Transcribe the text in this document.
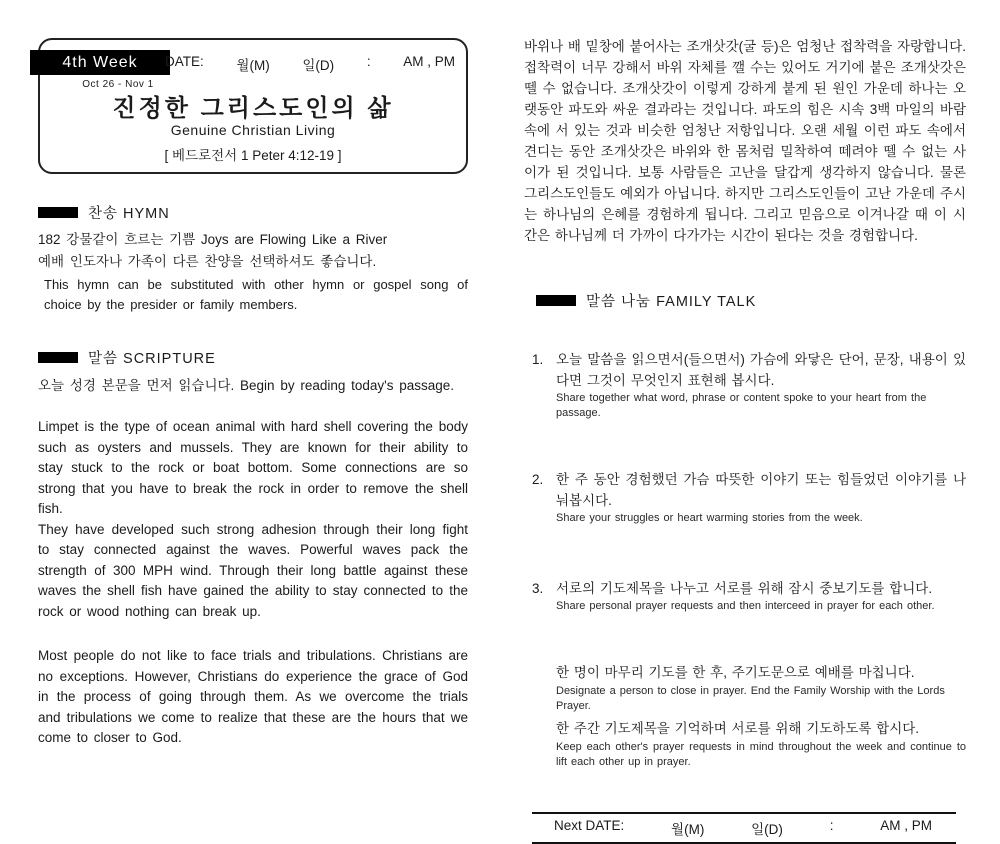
4th Week
Oct 26 - Nov 1
DATE: 월(M) 일(D) : AM , PM
진정한 그리스도인의 삶
Genuine Christian Living
[ 베드로전서 1 Peter 4:12-19 ]
찬송 HYMN
182 강물같이 흐르는 기쁨 Joys are Flowing Like a River
예배 인도자나 가족이 다른 찬양을 선택하셔도 좋습니다.
This hymn can be substituted with other hymn or gospel song of choice by the presider or family members.
말씀 SCRIPTURE
오늘 성경 본문을 먼저 읽습니다. Begin by reading today's passage.

Limpet is the type of ocean animal with hard shell covering the body such as oysters and mussels. They are known for their ability to stay stuck to the rock or boat bottom. Some connections are so strong that you have to break the rock in order to remove the shell fish.

They have developed such strong adhesion through their long fight to stay connected against the waves. Powerful waves pack the strength of 300 MPH wind. Through their long battle against these waves the shell fish have gained the ability to stay connected to the rock or wood nothing can break up.

Most people do not like to face trials and tribulations. Christians are no exceptions. However, Christians do experience the grace of God in the process of going through them. As we overcome the trials and tribulations we come to realize that these are the hours that we come to closer to God.

바위나 배 밑창에 붙어사는 조개삿갓(굴 등)은 엄청난 접착력을 자랑합니다. 접착력이 너무 강해서 바위 자체를 깰 수는 있어도 거기에 붙은 조개삿갓은 뗄 수 없습니다. 조개삿갓이 이렇게 강하게 붙게 된 원인 가운데 하나는 오랫동안 파도와 싸운 결과라는 것입니다. 파도의 힘은 시속 3백 마일의 바람 속에 서 있는 것과 비슷한 엄청난 저항입니다. 오랜 세월 이런 파도 속에서 견디는 동안 조개삿갓은 바위와 한 몸처럼 밀착하여 떼려야 뗄 수 없는 사이가 된 것입니다. 보통 사람들은 고난을 달갑게 생각하지 않습니다. 물론 그리스도인들도 예외가 아닙니다. 하지만 그리스도인들이 고난 가운데 주시는 하나님의 은혜를 경험하게 됩니다. 그리고 믿음으로 이겨나갈 때 이 시간은 하나님께 더 가까이 다가가는 시간이 된다는 것을 경험합니다.

말씀 나눔 FAMILY TALK
1. 오늘 말씀을 읽으면서(들으면서) 가슴에 와닿은 단어, 문장, 내용이 있다면 그것이 무엇인지 표현해 봅시다.
Share together what word, phrase or content spoke to your heart from the passage.
2. 한 주 동안 경험했던 가슴 따뜻한 이야기 또는 힘들었던 이야기를 나눠봅시다.
Share your struggles or heart warming stories from the week.
3. 서로의 기도제목을 나누고 서로를 위해 잠시 중보기도를 합니다.
Share personal prayer requests and then interceed in prayer for each other.
한 명이 마무리 기도를 한 후, 주기도문으로 예배를 마칩니다.
Designate a person to close in prayer. End the Family Worship with the Lords Prayer.
한 주간 기도제목을 기억하며 서로를 위해 기도하도록 합시다.
Keep each other's prayer requests in mind throughout the week and continue to lift each other up in prayer.
Next DATE:	월(M)	일(D)	:	AM , PM
